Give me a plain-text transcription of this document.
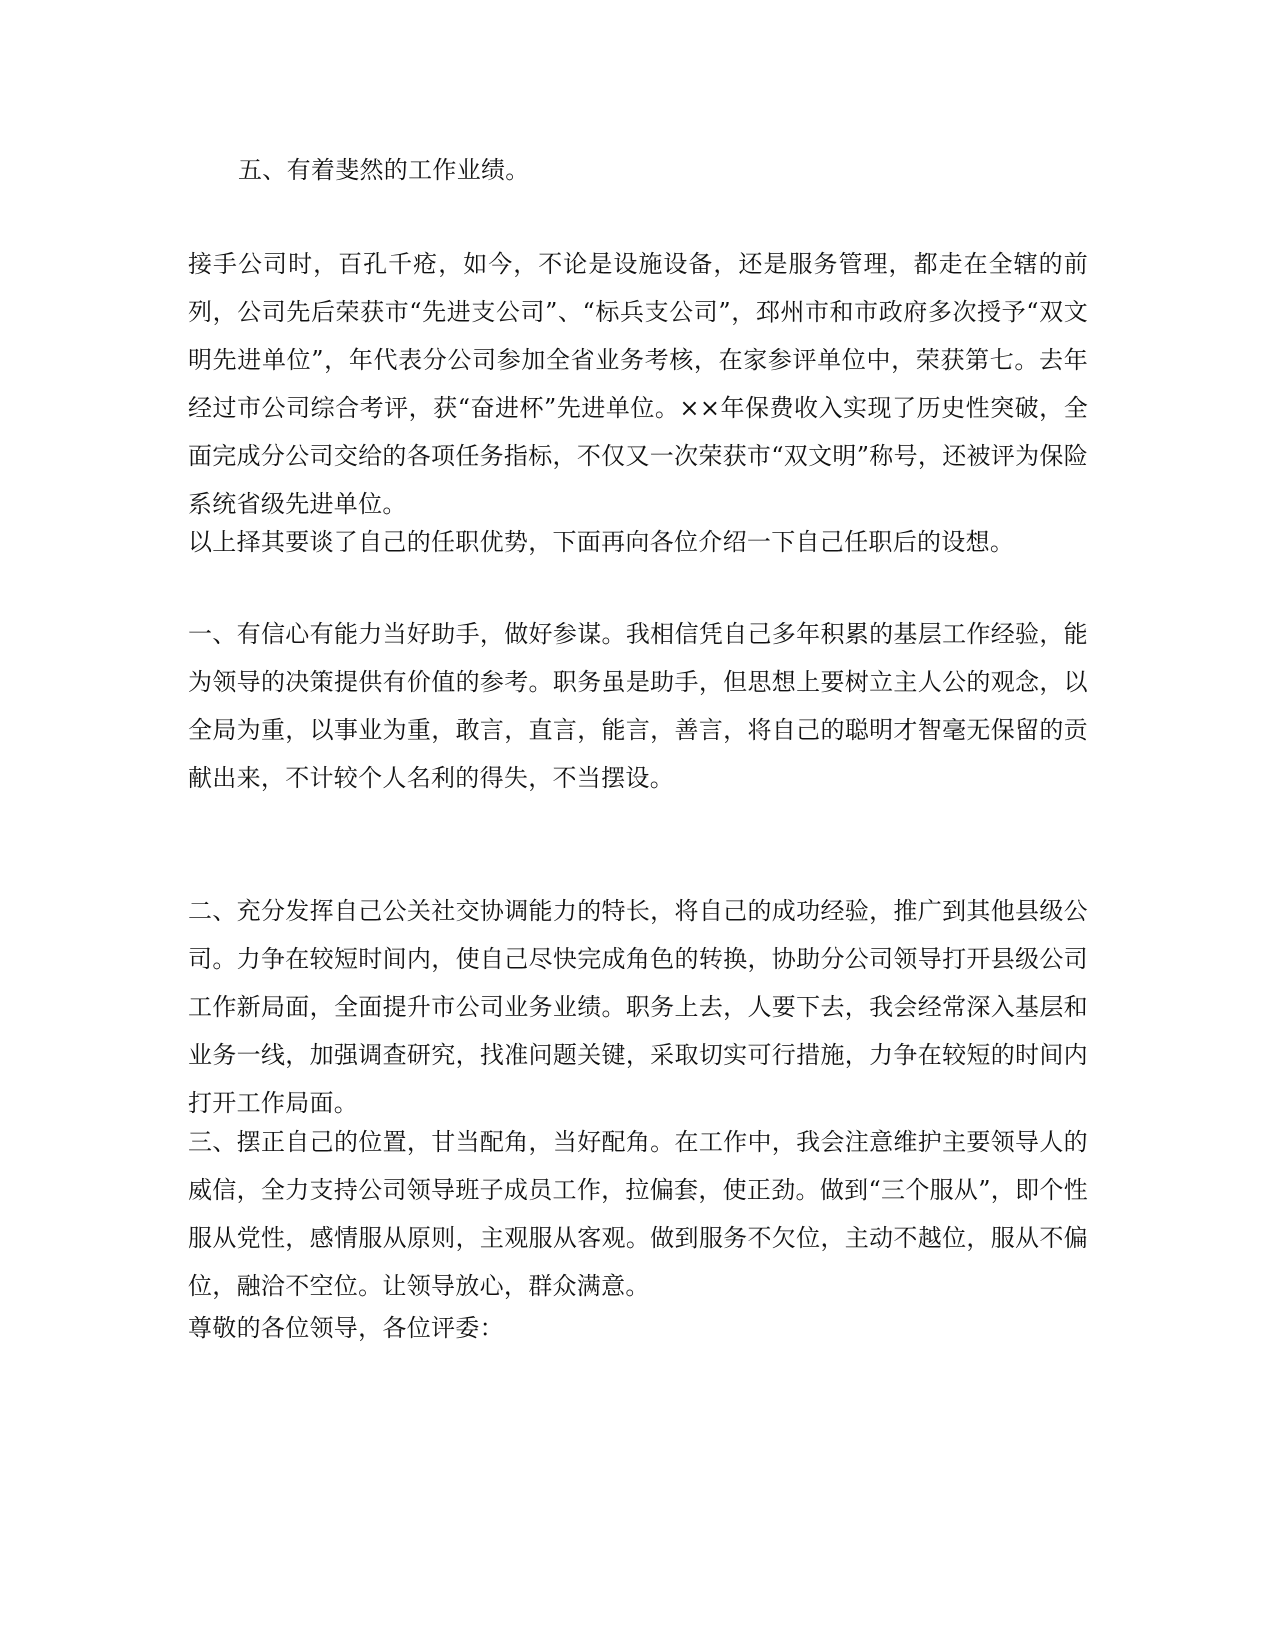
五、有着斐然的工作业绩。

接手公司时，百孔千疮，如今，不论是设施设备，还是服务管理，都走在全辖的前列，公司先后荣获市“先进支公司”、“标兵支公司”，邳州市和市政府多次授予“双文明先进单位”，年代表分公司参加全省业务考核，在家参评单位中，荣获第七。去年经过市公司综合考评，获“奋进杯”先进单位。××年保费收入实现了历史性突破，全面完成分公司交给的各项任务指标，不仅又一次荣获市“双文明”称号，还被评为保险系统省级先进单位。

以上择其要谈了自己的任职优势，下面再向各位介绍一下自己任职后的设想。

一、有信心有能力当好助手，做好参谋。我相信凭自己多年积累的基层工作经验，能为领导的决策提供有价值的参考。职务虽是助手，但思想上要树立主人公的观念，以全局为重，以事业为重，敢言，直言，能言，善言，将自己的聪明才智毫无保留的贡献出来，不计较个人名利的得失，不当摆设。

二、充分发挥自己公关社交协调能力的特长，将自己的成功经验，推广到其他县级公司。力争在较短时间内，使自己尽快完成角色的转换，协助分公司领导打开县级公司工作新局面，全面提升市公司业务业绩。职务上去，人要下去，我会经常深入基层和业务一线，加强调查研究，找准问题关键，采取切实可行措施，力争在较短的时间内打开工作局面。

三、摆正自己的位置，甘当配角，当好配角。在工作中，我会注意维护主要领导人的威信，全力支持公司领导班子成员工作，拉偏套，使正劲。做到“三个服从”，即个性服从党性，感情服从原则，主观服从客观。做到服务不欠位，主动不越位，服从不偏位，融洽不空位。让领导放心，群众满意。

尊敬的各位领导，各位评委：
